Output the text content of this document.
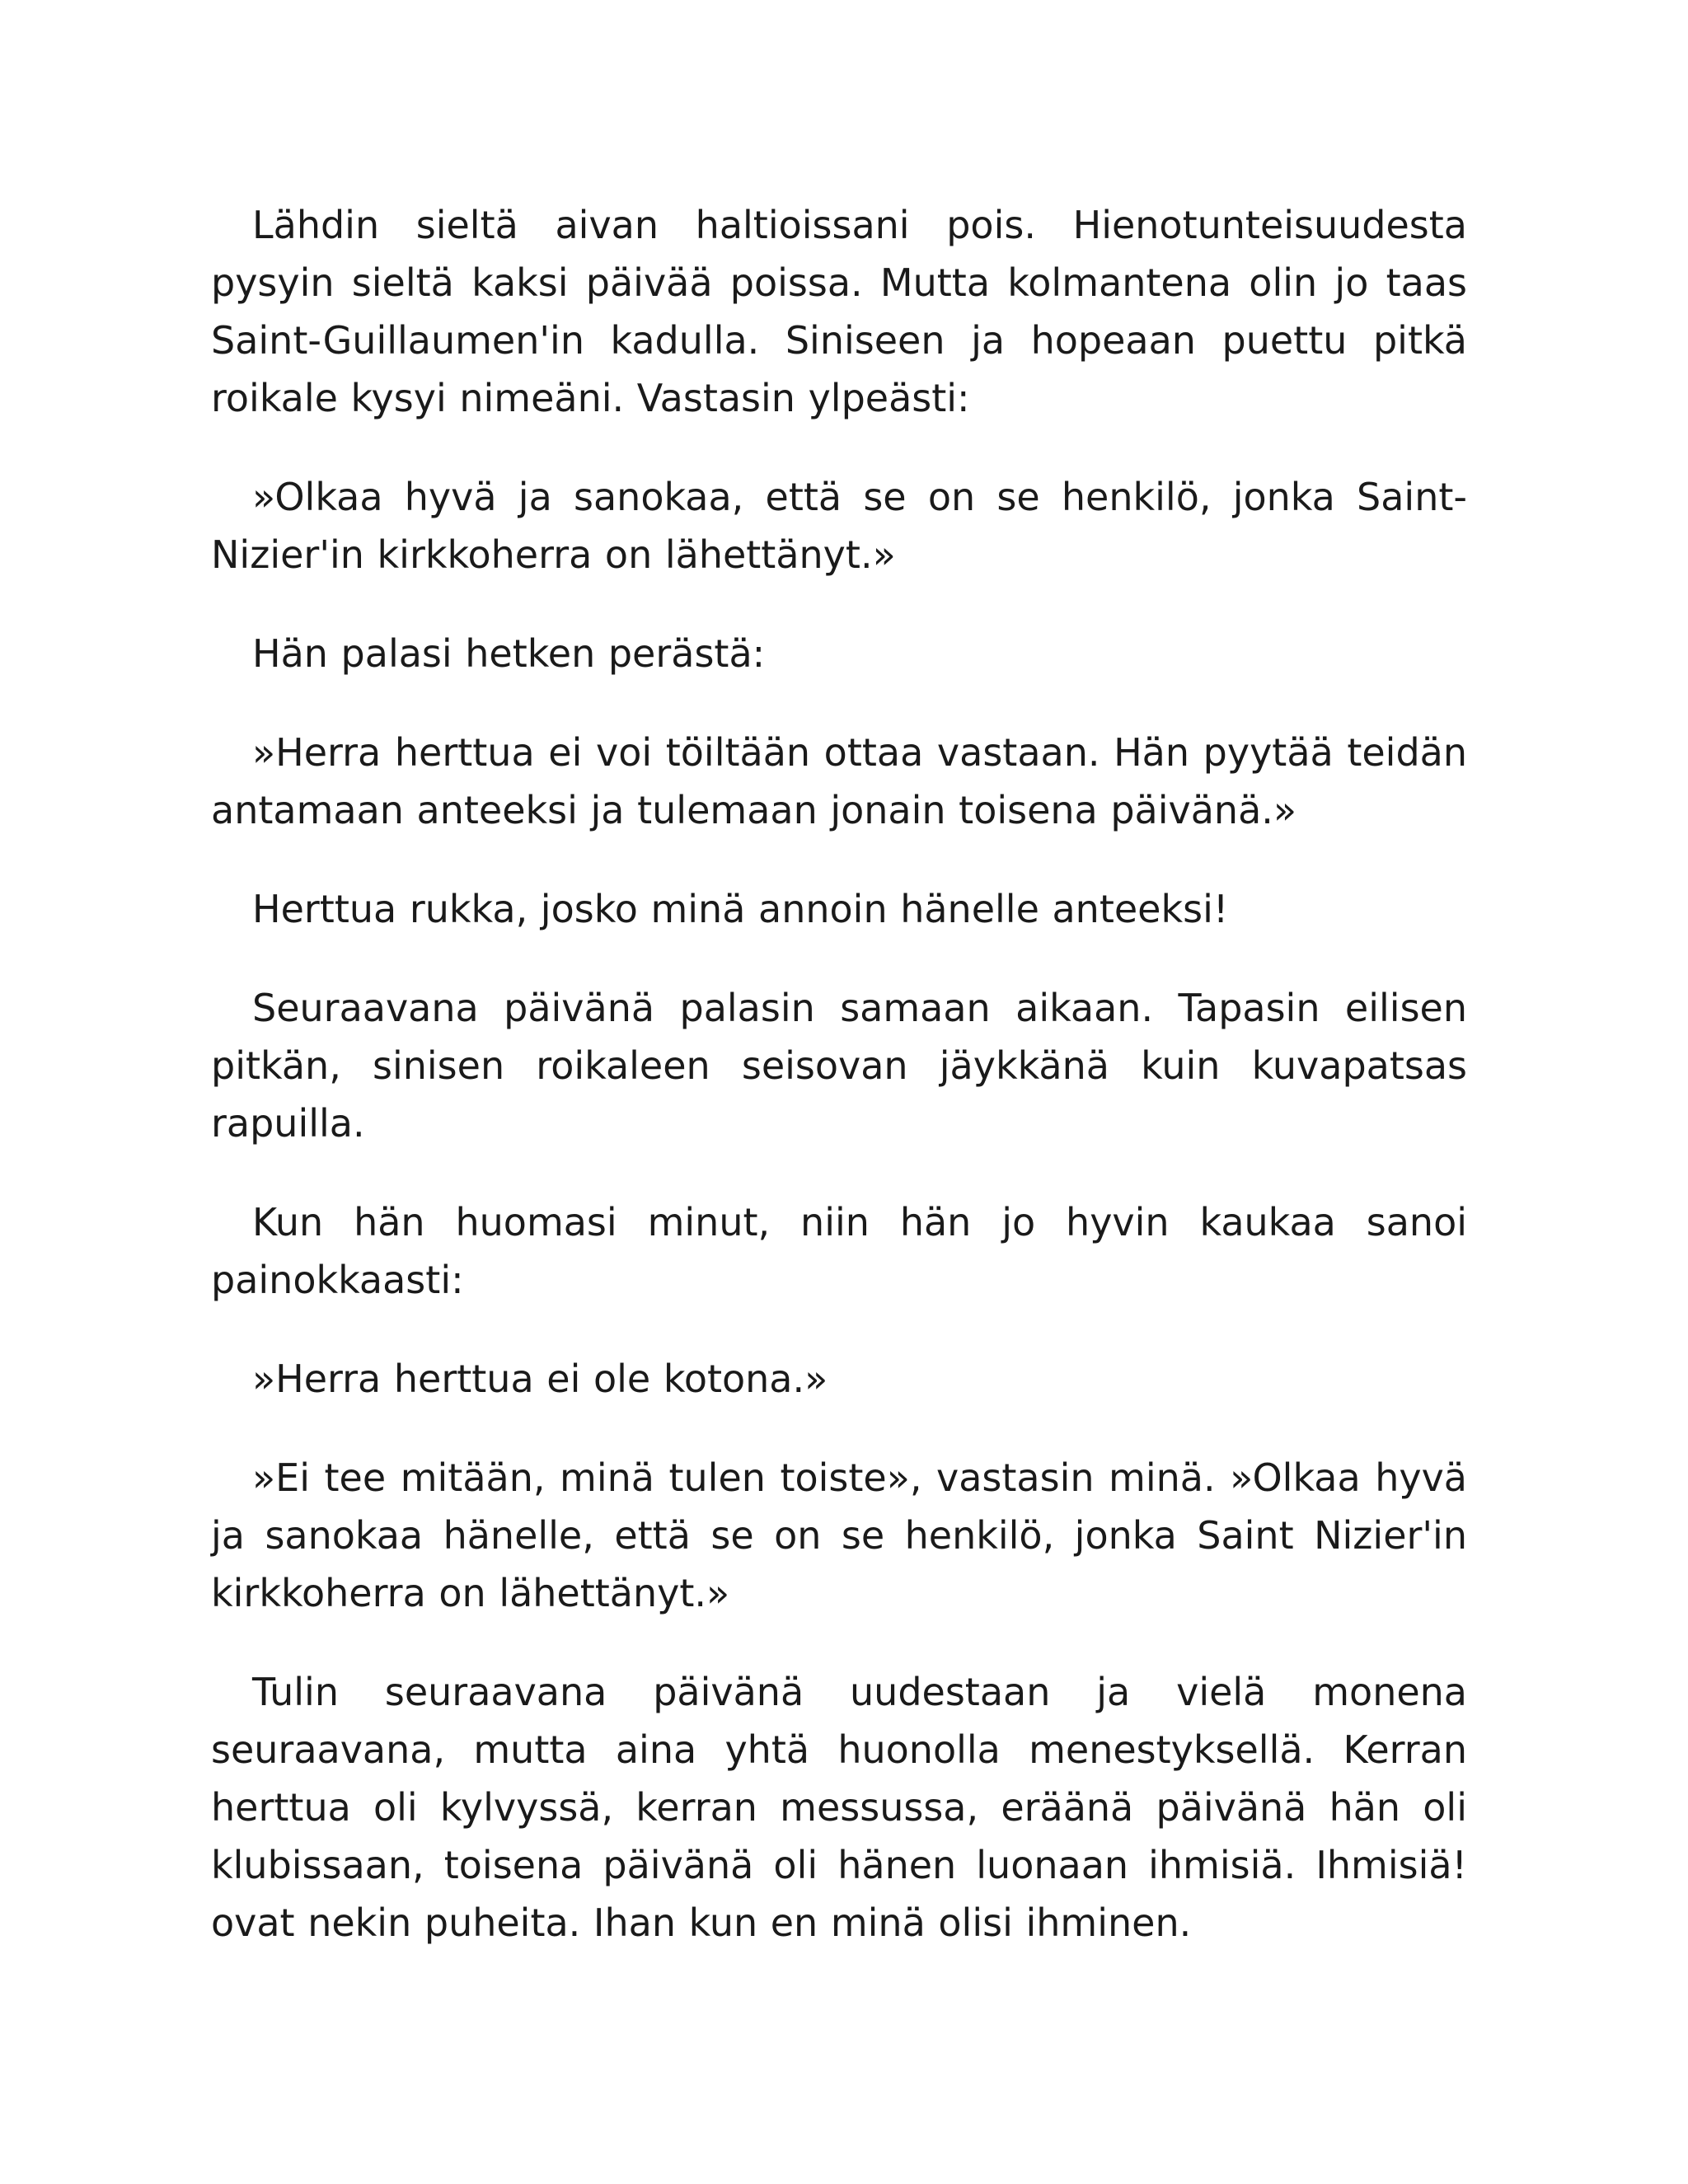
Lähdin sieltä aivan haltioissani pois. Hienotunteisuudesta pysyin sieltä kaksi päivää poissa. Mutta kolmantena olin jo taas Saint-Guillaumen'in kadulla. Siniseen ja hopeaan puettu pitkä roikale kysyi nimeäni. Vastasin ylpeästi:

»Olkaa hyvä ja sanokaa, että se on se henkilö, jonka Saint-Nizier'in kirkkoherra on lähettänyt.»

Hän palasi hetken perästä:

»Herra herttua ei voi töiltään ottaa vastaan. Hän pyytää teidän antamaan anteeksi ja tulemaan jonain toisena päivänä.»

Herttua rukka, josko minä annoin hänelle anteeksi!

Seuraavana päivänä palasin samaan aikaan. Tapasin eilisen pitkän, sinisen roikaleen seisovan jäykkänä kuin kuvapatsas rapuilla.

Kun hän huomasi minut, niin hän jo hyvin kaukaa sanoi painokkaasti:

»Herra herttua ei ole kotona.»

»Ei tee mitään, minä tulen toiste», vastasin minä. »Olkaa hyvä ja sanokaa hänelle, että se on se henkilö, jonka Saint Nizier'in kirkkoherra on lähettänyt.»

Tulin seuraavana päivänä uudestaan ja vielä monena seuraavana, mutta aina yhtä huonolla menestyksellä. Kerran herttua oli kylvyssä, kerran messussa, eräänä päivänä hän oli klubissaan, toisena päivänä oli hänen luonaan ihmisiä. Ihmisiä! ovat nekin puheita. Ihan kun en minä olisi ihminen.
